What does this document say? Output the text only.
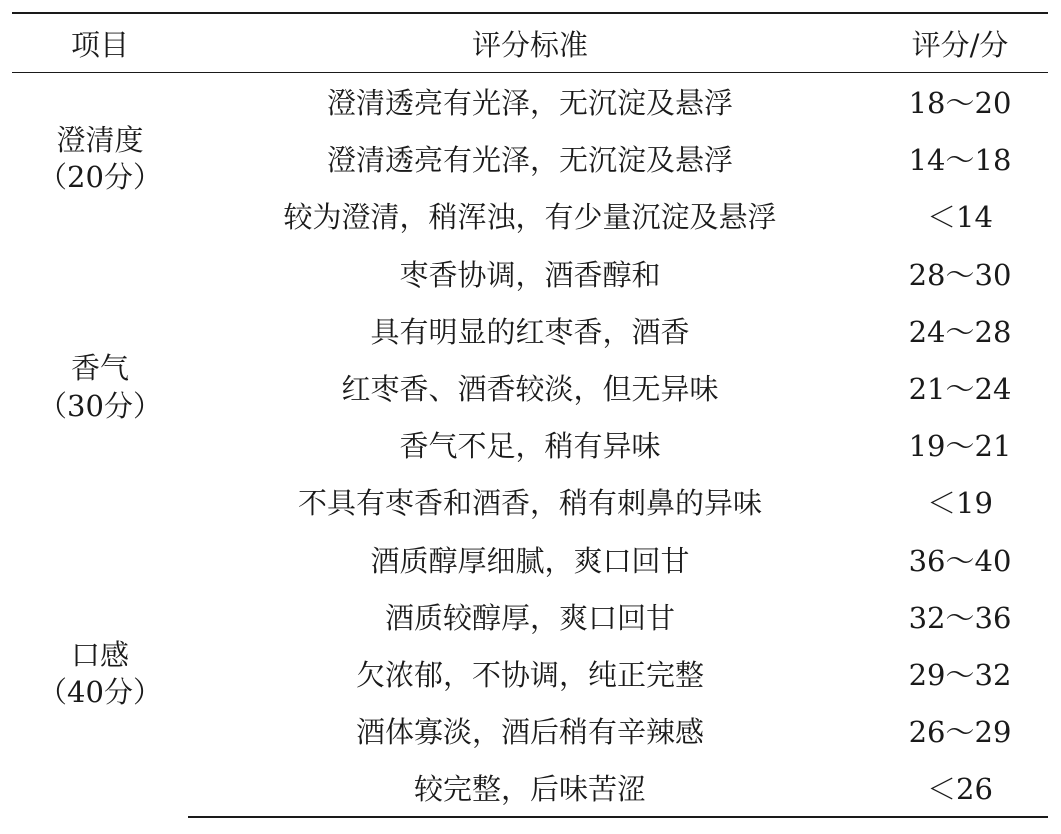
项目	评分标准	评分/分

澄清度
（20分）	澄清透亮有光泽，无沉淀及悬浮	18～20
	澄清透亮有光泽，无沉淀及悬浮	14～18
	较为澄清，稍浑浊，有少量沉淀及悬浮	＜14

香气
（30分）	枣香协调，酒香醇和	28～30
	具有明显的红枣香，酒香	24～28
	红枣香、酒香较淡，但无异味	21～24
	香气不足，稍有异味	19～21
	不具有枣香和酒香，稍有刺鼻的异味	＜19

口感
（40分）	酒质醇厚细腻，爽口回甘	36～40
	酒质较醇厚，爽口回甘	32～36
	欠浓郁，不协调，纯正完整	29～32
	酒体寡淡，酒后稍有辛辣感	26～29
	较完整，后味苦涩	＜26
